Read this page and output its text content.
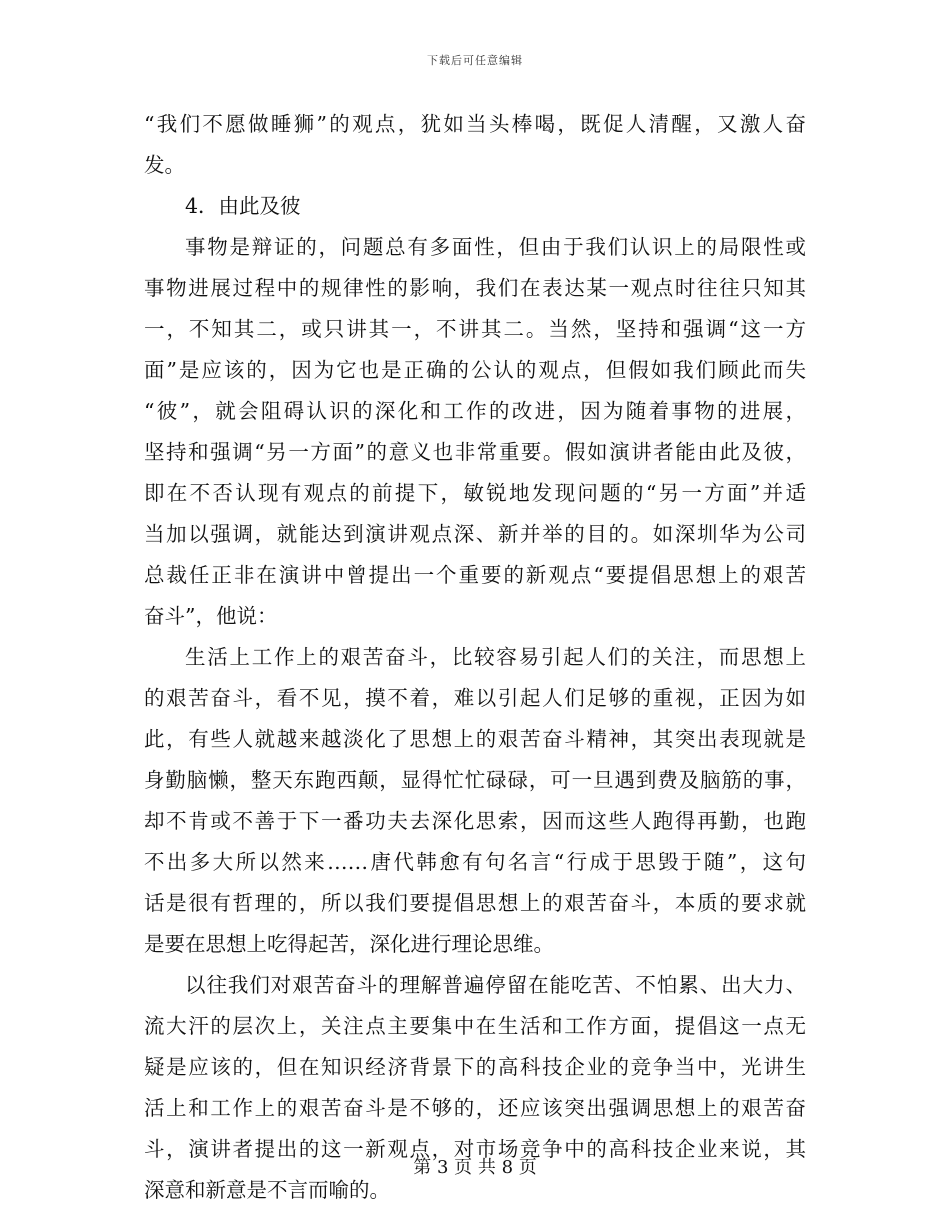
下载后可任意编辑
“我们不愿做睡狮”的观点，犹如当头棒喝，既促人清醒，又激人奋
发。
4．由此及彼
事物是辩证的，问题总有多面性，但由于我们认识上的局限性或
事物进展过程中的规律性的影响，我们在表达某一观点时往往只知其
一，不知其二，或只讲其一，不讲其二。当然，坚持和强调“这一方
面”是应该的，因为它也是正确的公认的观点，但假如我们顾此而失
“彼”，就会阻碍认识的深化和工作的改进，因为随着事物的进展，
坚持和强调“另一方面”的意义也非常重要。假如演讲者能由此及彼，
即在不否认现有观点的前提下，敏锐地发现问题的“另一方面”并适
当加以强调，就能达到演讲观点深、新并举的目的。如深圳华为公司
总裁任正非在演讲中曾提出一个重要的新观点“要提倡思想上的艰苦
奋斗”，他说：
生活上工作上的艰苦奋斗，比较容易引起人们的关注，而思想上
的艰苦奋斗，看不见，摸不着，难以引起人们足够的重视，正因为如
此，有些人就越来越淡化了思想上的艰苦奋斗精神，其突出表现就是
身勤脑懒，整天东跑西颠，显得忙忙碌碌，可一旦遇到费及脑筋的事，
却不肯或不善于下一番功夫去深化思索，因而这些人跑得再勤，也跑
不出多大所以然来……唐代韩愈有句名言“行成于思毁于随”，这句
话是很有哲理的，所以我们要提倡思想上的艰苦奋斗，本质的要求就
是要在思想上吃得起苦，深化进行理论思维。
以往我们对艰苦奋斗的理解普遍停留在能吃苦、不怕累、出大力、
流大汗的层次上，关注点主要集中在生活和工作方面，提倡这一点无
疑是应该的，但在知识经济背景下的高科技企业的竞争当中，光讲生
活上和工作上的艰苦奋斗是不够的，还应该突出强调思想上的艰苦奋
斗，演讲者提出的这一新观点，对市场竞争中的高科技企业来说，其
深意和新意是不言而喻的。
第 3 页 共 8 页
